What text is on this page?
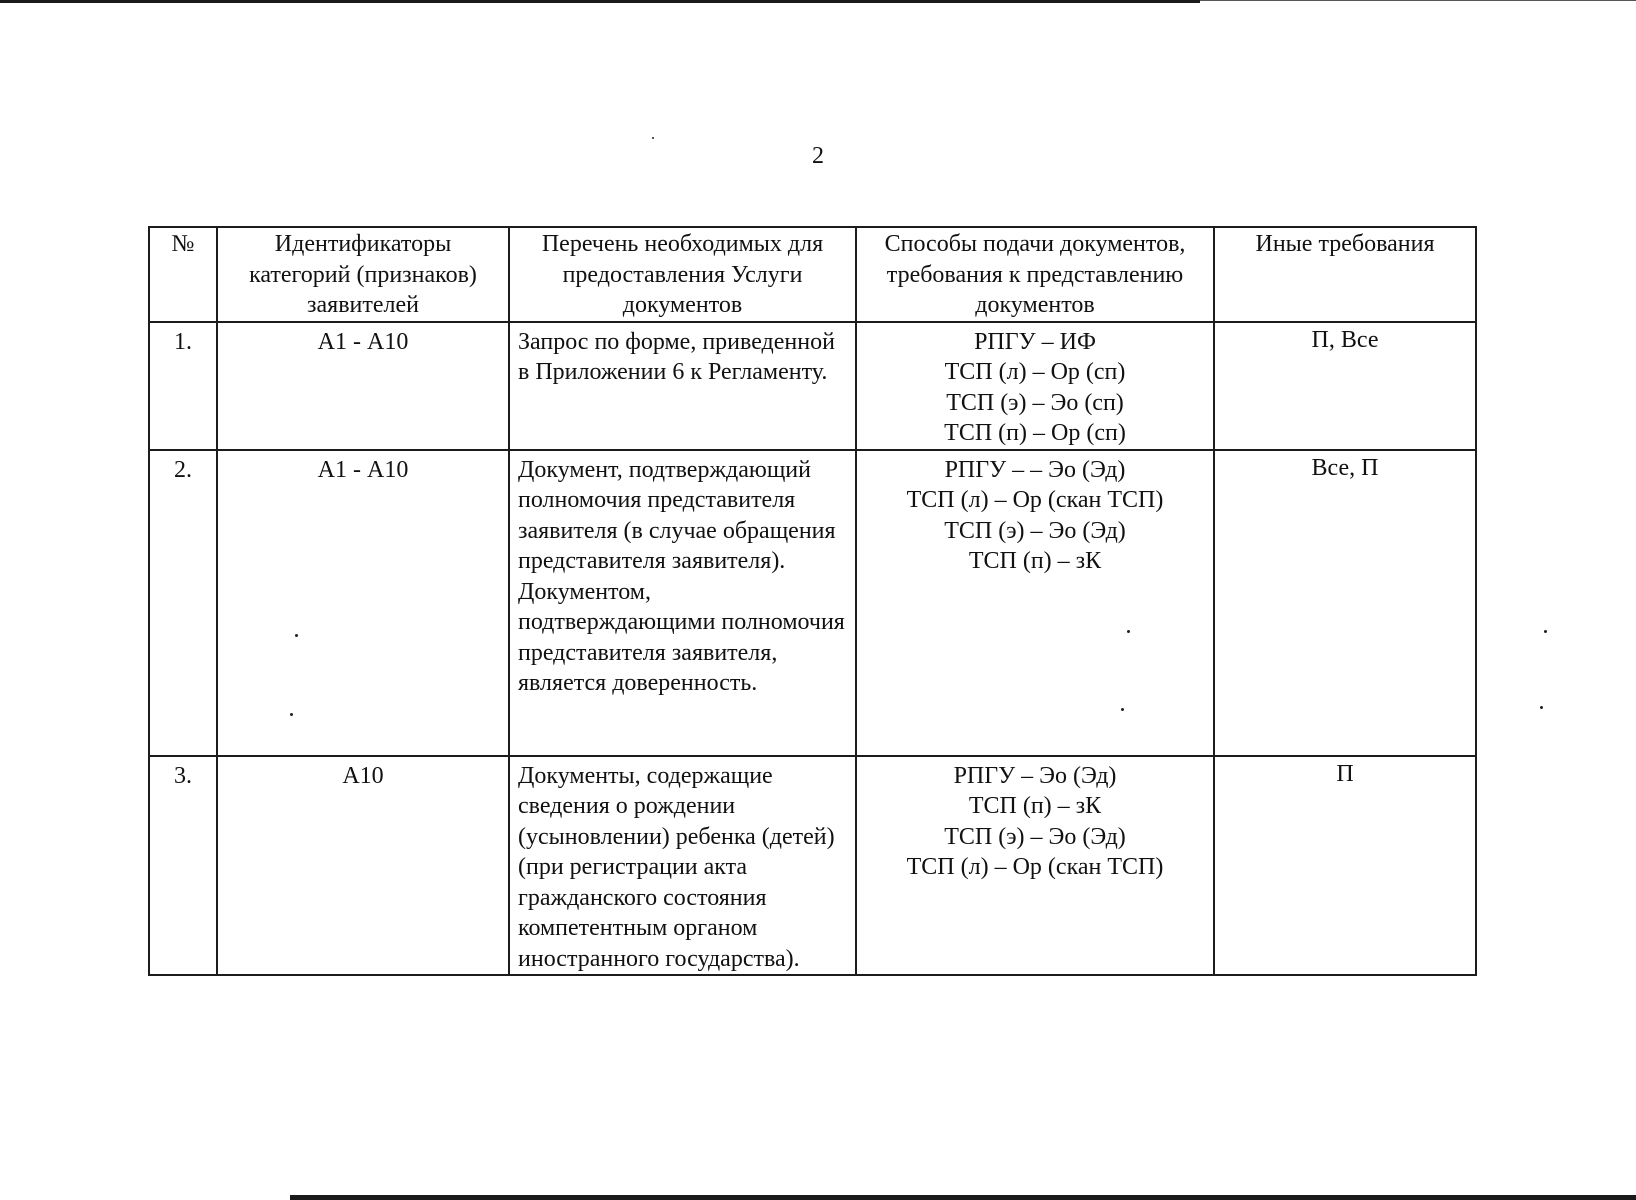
2
№	Идентификаторы категорий (признаков) заявителей	Перечень необходимых для предоставления Услуги документов	Способы подачи документов, требования к представлению документов	Иные требования
1.	А1 - А10	Запрос по форме, приведенной в Приложении 6 к Регламенту.	РПГУ – ИФ
ТСП (л) – Ор (сп)
ТСП (э) – Эо (сп)
ТСП (п) – Ор (сп)	П, Все
2.	А1 - А10	Документ, подтверждающий полномочия представителя заявителя (в случае обращения представителя заявителя).
Документом, подтверждающими полномочия представителя заявителя, является доверенность.	РПГУ – – Эо (Эд)
ТСП (л) – Ор (скан ТСП)
ТСП (э) – Эо (Эд)
ТСП (п) – зК	Все, П
3.	А10	Документы, содержащие сведения о рождении (усыновлении) ребенка (детей) (при регистрации акта гражданского состояния компетентным органом иностранного государства).	РПГУ – Эо (Эд)
ТСП (п) – зК
ТСП (э) – Эо (Эд)
ТСП (л) – Ор (скан ТСП)	П
